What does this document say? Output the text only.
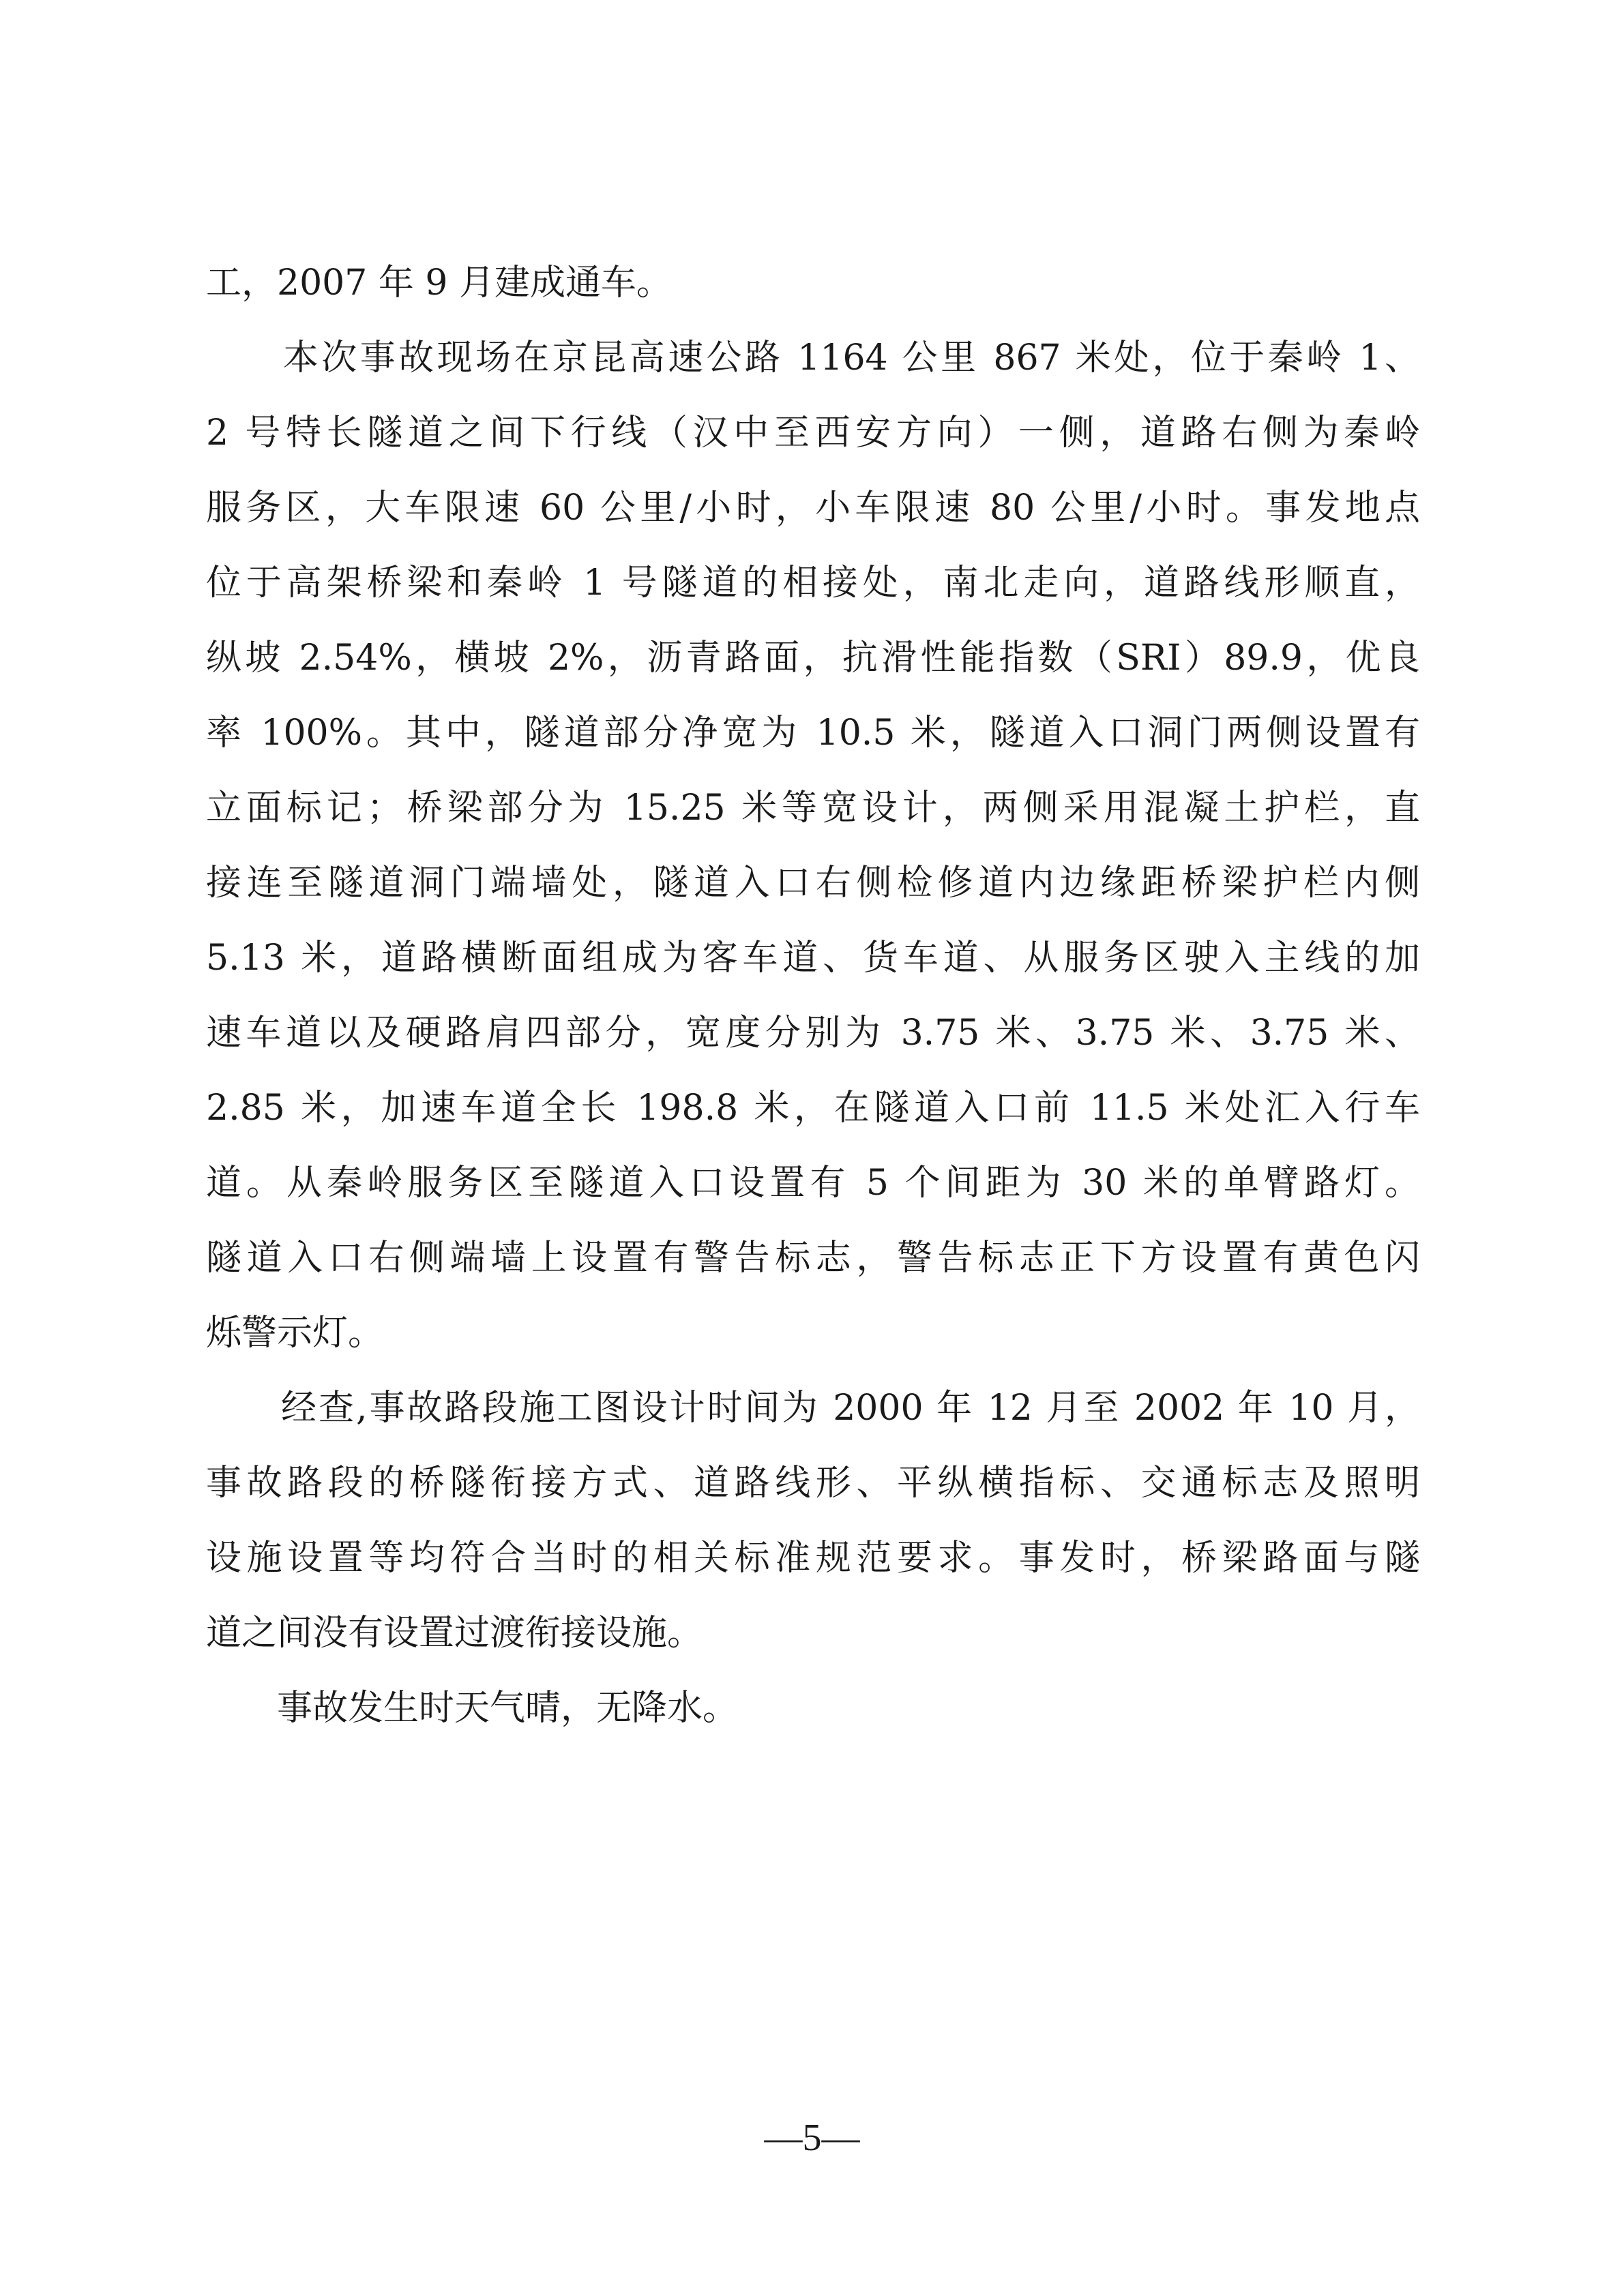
工，2007 年 9 月建成通车。
　　本次事故现场在京昆高速公路 1164 公里 867 米处，位于秦岭 1、
2 号特长隧道之间下行线（汉中至西安方向）一侧，道路右侧为秦岭
服务区，大车限速 60 公里/小时，小车限速 80 公里/小时。事发地点
位于高架桥梁和秦岭 1 号隧道的相接处，南北走向，道路线形顺直，
纵坡 2.54%，横坡 2%，沥青路面，抗滑性能指数（SRI）89.9，优良
率 100%。其中，隧道部分净宽为 10.5 米，隧道入口洞门两侧设置有
立面标记；桥梁部分为 15.25 米等宽设计，两侧采用混凝土护栏，直
接连至隧道洞门端墙处，隧道入口右侧检修道内边缘距桥梁护栏内侧
5.13 米，道路横断面组成为客车道、货车道、从服务区驶入主线的加
速车道以及硬路肩四部分，宽度分别为 3.75 米、3.75 米、3.75 米、
2.85 米，加速车道全长 198.8 米，在隧道入口前 11.5 米处汇入行车
道。从秦岭服务区至隧道入口设置有 5 个间距为 30 米的单臂路灯。
隧道入口右侧端墙上设置有警告标志，警告标志正下方设置有黄色闪
烁警示灯。
　　经查,事故路段施工图设计时间为 2000 年 12 月至 2002 年 10 月，
事故路段的桥隧衔接方式、道路线形、平纵横指标、交通标志及照明
设施设置等均符合当时的相关标准规范要求。事发时，桥梁路面与隧
道之间没有设置过渡衔接设施。
　　事故发生时天气晴，无降水。
—5—
